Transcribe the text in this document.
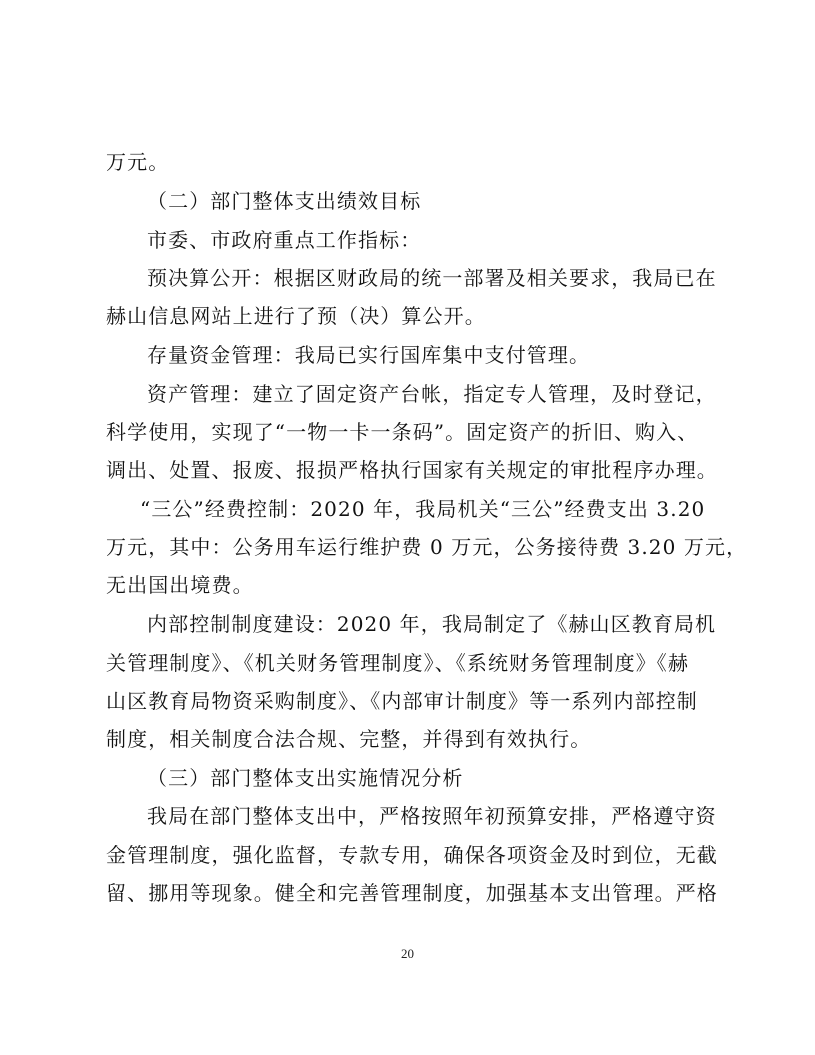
万元。
（二）部门整体支出绩效目标
市委、市政府重点工作指标：
预决算公开：根据区财政局的统一部署及相关要求，我局已在
赫山信息网站上进行了预（决）算公开。
存量资金管理：我局已实行国库集中支付管理。
资产管理：建立了固定资产台帐，指定专人管理，及时登记，
科学使用，实现了“一物一卡一条码”。固定资产的折旧、购入、
调出、处置、报废、报损严格执行国家有关规定的审批程序办理。
“三公”经费控制：2020 年，我局机关“三公”经费支出 3.20
万元，其中：公务用车运行维护费 0 万元，公务接待费 3.20 万元，
无出国出境费。
内部控制制度建设：2020 年，我局制定了《赫山区教育局机
关管理制度》、《机关财务管理制度》、《系统财务管理制度》《赫
山区教育局物资采购制度》、《内部审计制度》等一系列内部控制
制度，相关制度合法合规、完整，并得到有效执行。
（三）部门整体支出实施情况分析
我局在部门整体支出中，严格按照年初预算安排，严格遵守资
金管理制度，强化监督，专款专用，确保各项资金及时到位，无截
留、挪用等现象。健全和完善管理制度，加强基本支出管理。严格
20
